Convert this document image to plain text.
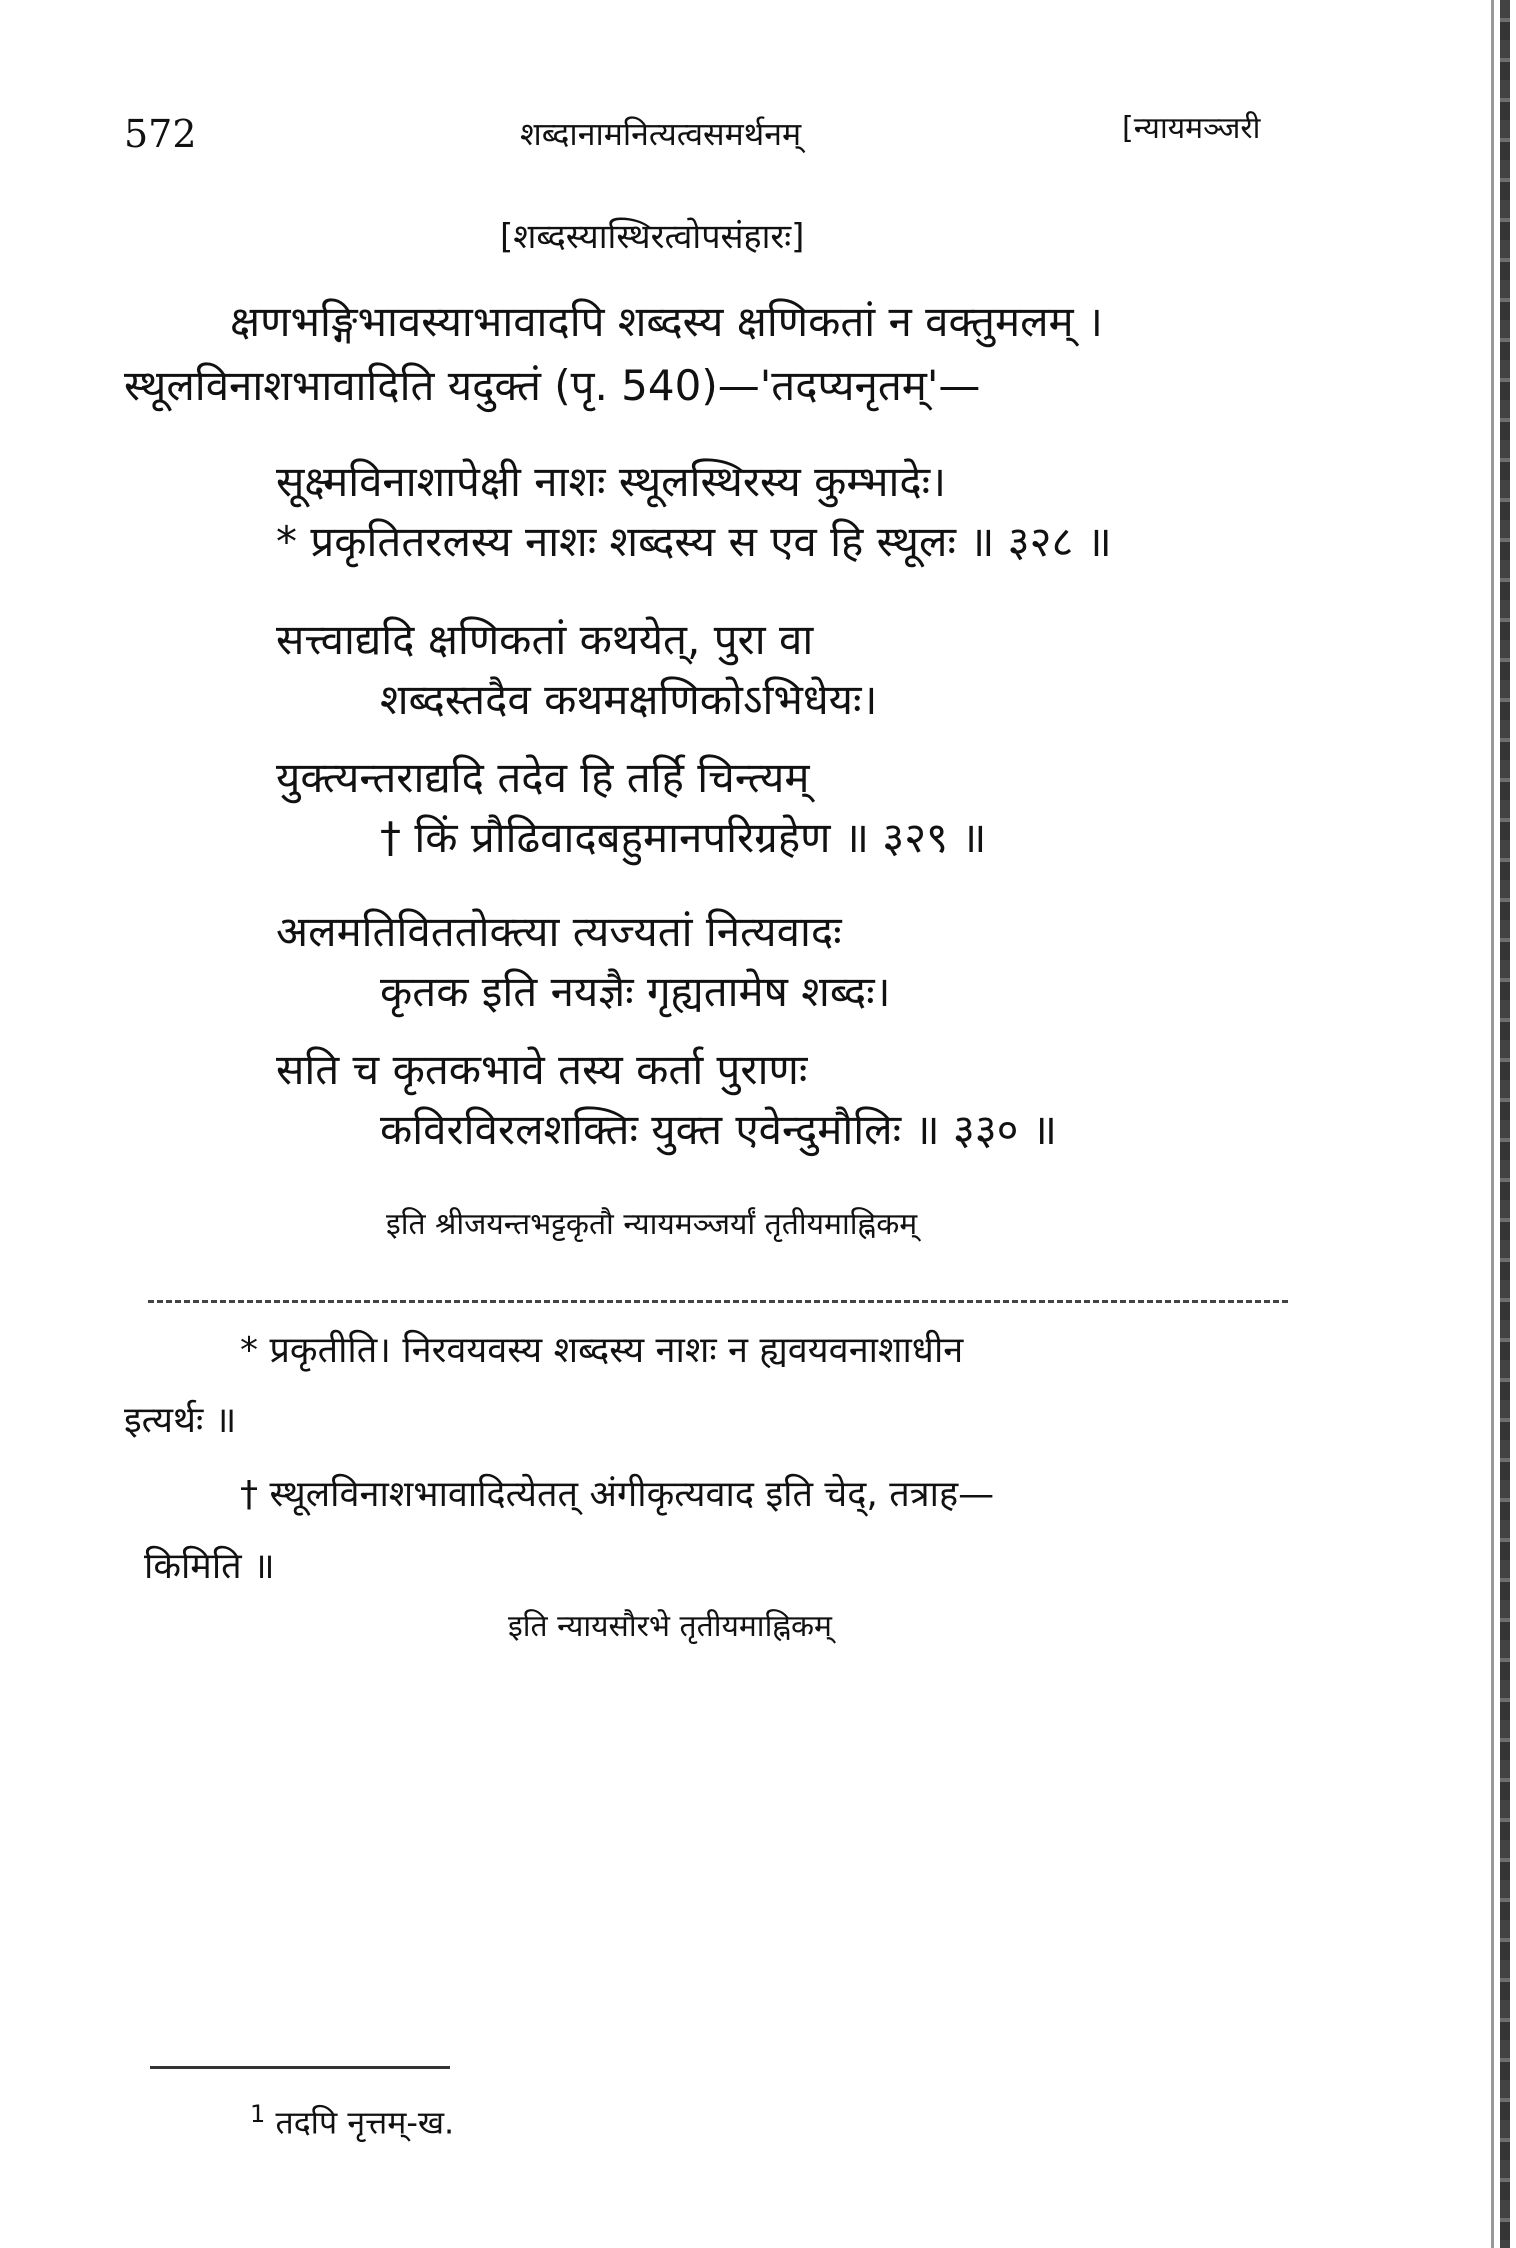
572	शब्दानामनित्यत्वसमर्थनम्	[न्यायमञ्जरी
[शब्दस्यास्थिरत्वोपसंहारः]
क्षणभङ्गिभावस्याभावादपि शब्दस्य क्षणिकतां न वक्तुमलम् ।
स्थूलविनाशभावादिति यदुक्तं (पृ. 540)—'तदप्यनृतम्'—
सूक्ष्मविनाशापेक्षी नाशः स्थूलस्थिरस्य कुम्भादेः।
* प्रकृतितरलस्य नाशः शब्दस्य स एव हि स्थूलः ॥ ३२८ ॥
सत्त्वाद्यदि क्षणिकतां कथयेत्, पुरा वा
शब्दस्तदैव कथमक्षणिकोऽभिधेयः।
युक्त्यन्तराद्यदि तदेव हि तर्हि चिन्त्यम्
† किं प्रौढिवादबहुमानपरिग्रहेण ॥ ३२९ ॥
अलमतिविततोक्त्या त्यज्यतां नित्यवादः
कृतक इति नयज्ञैः गृह्यतामेष शब्दः।
सति च कृतकभावे तस्य कर्ता पुराणः
कविरविरलशक्तिः युक्त एवेन्दुमौलिः ॥ ३३० ॥
इति श्रीजयन्तभट्टकृतौ न्यायमञ्जर्यां तृतीयमाह्निकम्
* प्रकृतीति। निरवयवस्य शब्दस्य नाशः न ह्यवयवनाशाधीन
इत्यर्थः ॥
† स्थूलविनाशभावादित्येतत् अंगीकृत्यवाद इति चेद्, तत्राह—
किमिति ॥
इति न्यायसौरभे तृतीयमाह्निकम्
$^1$ तदपि नृत्तम्-ख.
